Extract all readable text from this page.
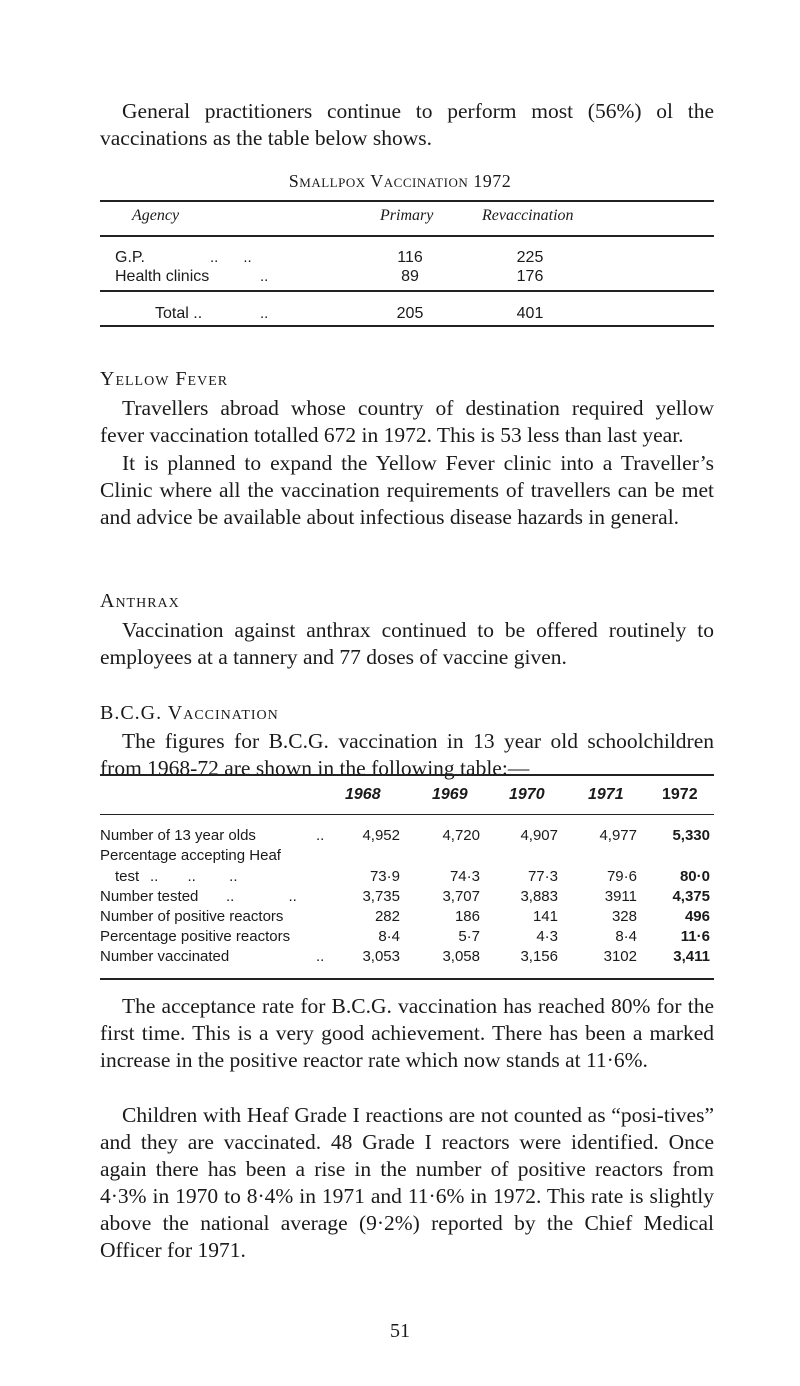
General practitioners continue to perform most (56%) ol the vaccinations as the table below shows.

Smallpox Vaccination 1972

Agency	Primary	Revaccination
G.P.	..      ..	116	225
Health clinics	..	89	176
Total ..	..	205	401

Yellow Fever

Travellers abroad whose country of destination required yellow fever vaccination totalled 672 in 1972. This is 53 less than last year.

It is planned to expand the Yellow Fever clinic into a Traveller’s Clinic where all the vaccination requirements of travellers can be met and advice be available about infectious disease hazards in general.

Anthrax

Vaccination against anthrax continued to be offered routinely to employees at a tannery and 77 doses of vaccine given.

B.C.G. Vaccination

The figures for B.C.G. vaccination in 13 year old schoolchildren from 1968-72 are shown in the following table:—

1968	1969	1970	1971 1972
Number of 13 year olds	..	4,952	4,720	4,907	4,977	5,330
Percentage accepting Heaf
test ..       ..        ..	73·9	74·3	77·3	79·6	80·0
Number tested ..             ..	3,735	3,707	3,883	3911	4,375
Number of positive reactors	282	186	141	328	496
Percentage positive reactors	8·4	5·7	4·3	8·4	11·6
Number vaccinated	..	3,053	3,058	3,156	3102	3,411

The acceptance rate for B.C.G. vaccination has reached 80% for the first time. This is a very good achievement. There has been a marked increase in the positive reactor rate which now stands at 11·6%.

Children with Heaf Grade I reactions are not counted as “posi-tives” and they are vaccinated. 48 Grade I reactors were identified. Once again there has been a rise in the number of positive reactors from 4·3% in 1970 to 8·4% in 1971 and 11·6% in 1972. This rate is slightly above the national average (9·2%) reported by the Chief Medical Officer for 1971.

51
